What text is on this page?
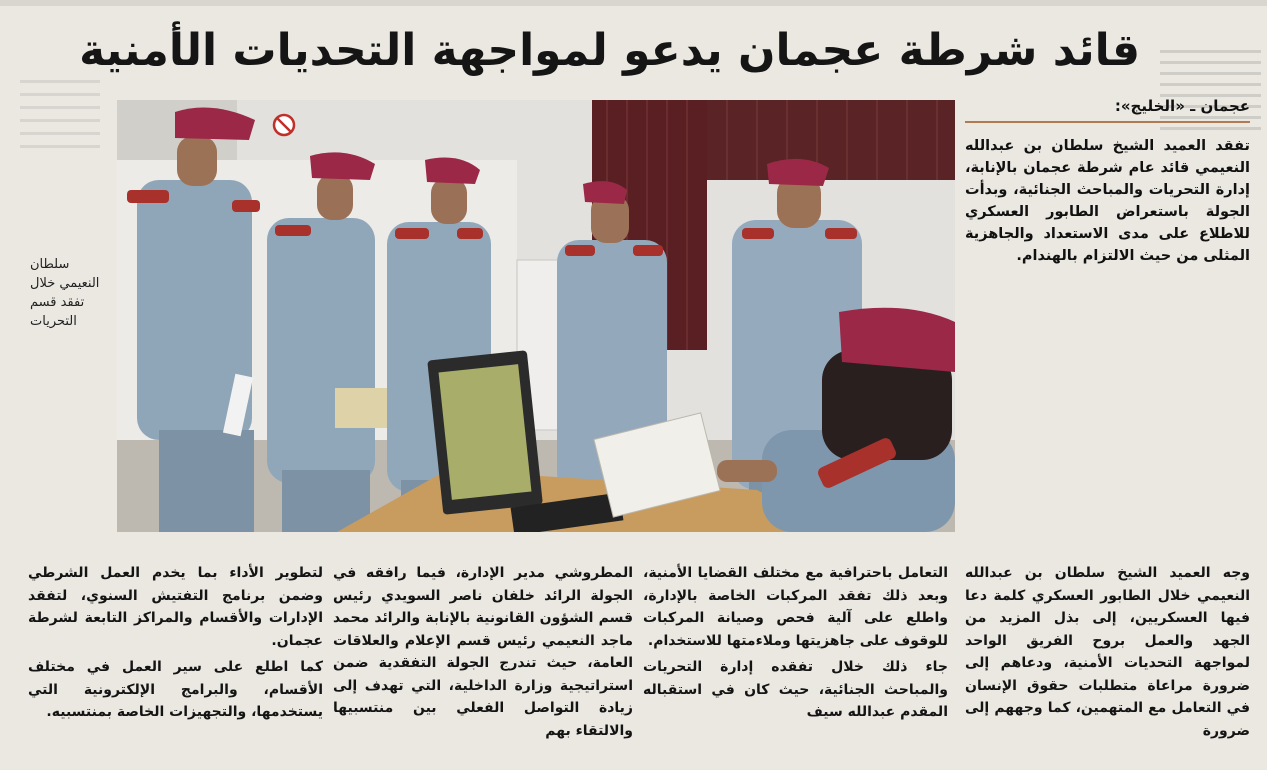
قائد شرطة عجمان يدعو لمواجهة التحديات الأمنية
عجمان ـ «الخليج»:
تفقد العميد الشيخ سلطان بن عبدالله النعيمي قائد عام شرطة عجمان بالإنابة، إدارة التحريات والمباحث الجنائية، وبدأت الجولة باستعراض الطابور العسكري للاطلاع على مدى الاستعداد والجاهزية المثلى من حيث الالتزام بالهندام.
سلطان النعيمي خلال تفقد قسم التحريات

وجه العميد الشيخ سلطان بن عبدالله النعيمي خلال الطابور العسكري كلمة دعا فيها العسكريين، إلى بذل المزيد من الجهد والعمل بروح الفريق الواحد لمواجهة التحديات الأمنية، ودعاهم إلى ضرورة مراعاة متطلبات حقوق الإنسان في التعامل مع المتهمين، كما وجههم إلى ضرورة

التعامل باحترافية مع مختلف القضايا الأمنية، وبعد ذلك تفقد المركبات الخاصة بالإدارة، واطلع على آلية فحص وصيانة المركبات للوقوف على جاهزيتها وملاءمتها للاستخدام.

جاء ذلك خلال تفقده إدارة التحريات والمباحث الجنائية، حيث كان في استقباله المقدم عبدالله سيف

المطروشي مدير الإدارة، فيما رافقه في الجولة الرائد خلفان ناصر السويدي رئيس قسم الشؤون القانونية بالإنابة والرائد محمد ماجد النعيمي رئيس قسم الإعلام والعلاقات العامة، حيث تندرج الجولة التفقدية ضمن استراتيجية وزارة الداخلية، التي تهدف إلى زيادة التواصل الفعلي بين منتسبيها والالتقاء بهم

لتطوير الأداء بما يخدم العمل الشرطي وضمن برنامج التفتيش السنوي، لتفقد الإدارات والأقسام والمراكز التابعة لشرطة عجمان.

كما اطلع على سير العمل في مختلف الأقسام، والبرامج الإلكترونية التي يستخدمها، والتجهيزات الخاصة بمنتسبيه.
